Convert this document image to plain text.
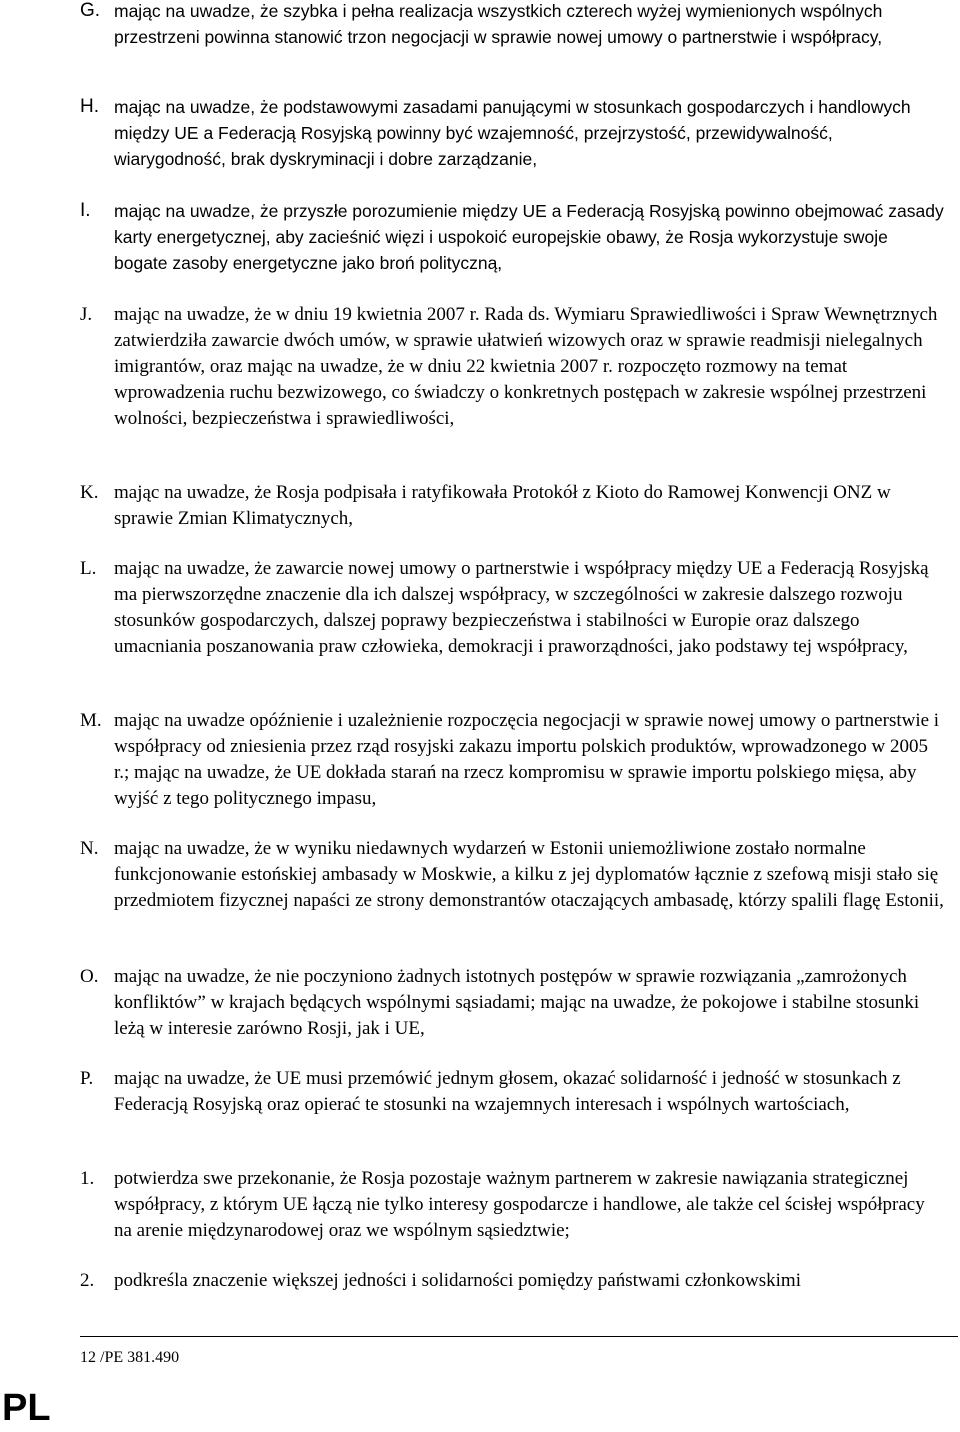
G. mając na uwadze, że szybka i pełna realizacja wszystkich czterech wyżej wymienionych wspólnych przestrzeni powinna stanowić trzon negocjacji w sprawie nowej umowy o partnerstwie i współpracy,
H. mając na uwadze, że podstawowymi zasadami panującymi w stosunkach gospodarczych i handlowych między UE a Federacją Rosyjską powinny być wzajemność, przejrzystość, przewidywalność, wiarygodność, brak dyskryminacji i dobre zarządzanie,
I. mając na uwadze, że przyszłe porozumienie między UE a Federacją Rosyjską powinno obejmować zasady karty energetycznej, aby zacieśnić więzi i uspokoić europejskie obawy, że Rosja wykorzystuje swoje bogate zasoby energetyczne jako broń polityczną,
J. mając na uwadze, że w dniu 19 kwietnia 2007 r. Rada ds. Wymiaru Sprawiedliwości i Spraw Wewnętrznych zatwierdziła zawarcie dwóch umów, w sprawie ułatwień wizowych oraz w sprawie readmisji nielegalnych imigrantów, oraz mając na uwadze, że w dniu 22 kwietnia 2007 r. rozpoczęto rozmowy na temat wprowadzenia ruchu bezwizowego, co świadczy o konkretnych postępach w zakresie wspólnej przestrzeni wolności, bezpieczeństwa i sprawiedliwości,
K. mając na uwadze, że Rosja podpisała i ratyfikowała Protokół z Kioto do Ramowej Konwencji ONZ w sprawie Zmian Klimatycznych,
L. mając na uwadze, że zawarcie nowej umowy o partnerstwie i współpracy między UE a Federacją Rosyjską ma pierwszorzędne znaczenie dla ich dalszej współpracy, w szczególności w zakresie dalszego rozwoju stosunków gospodarczych, dalszej poprawy bezpieczeństwa i stabilności w Europie oraz dalszego umacniania poszanowania praw człowieka, demokracji i praworządności, jako podstawy tej współpracy,
M. mając na uwadze opóźnienie i uzależnienie rozpoczęcia negocjacji w sprawie nowej umowy o partnerstwie i współpracy od zniesienia przez rząd rosyjski zakazu importu polskich produktów, wprowadzonego w 2005 r.; mając na uwadze, że UE dokłada starań na rzecz kompromisu w sprawie importu polskiego mięsa, aby wyjść z tego politycznego impasu,
N. mając na uwadze, że w wyniku niedawnych wydarzeń w Estonii uniemożliwione zostało normalne funkcjonowanie estońskiej ambasady w Moskwie, a kilku z jej dyplomatów łącznie z szefową misji stało się przedmiotem fizycznej napaści ze strony demonstrantów otaczających ambasadę, którzy spalili flagę Estonii,
O. mając na uwadze, że nie poczyniono żadnych istotnych postępów w sprawie rozwiązania „zamrożonych konfliktów” w krajach będących wspólnymi sąsiadami; mając na uwadze, że pokojowe i stabilne stosunki leżą w interesie zarówno Rosji, jak i UE,
P. mając na uwadze, że UE musi przemówić jednym głosem, okazać solidarność i jedność w stosunkach z Federacją Rosyjską oraz opierać te stosunki na wzajemnych interesach i wspólnych wartościach,
1. potwierdza swe przekonanie, że Rosja pozostaje ważnym partnerem w zakresie nawiązania strategicznej współpracy, z którym UE łączą nie tylko interesy gospodarcze i handlowe, ale także cel ścisłej współpracy na arenie międzynarodowej oraz we wspólnym sąsiedztwie;
2. podkreśla znaczenie większej jedności i solidarności pomiędzy państwami członkowskimi
12 /PE 381.490
PL
